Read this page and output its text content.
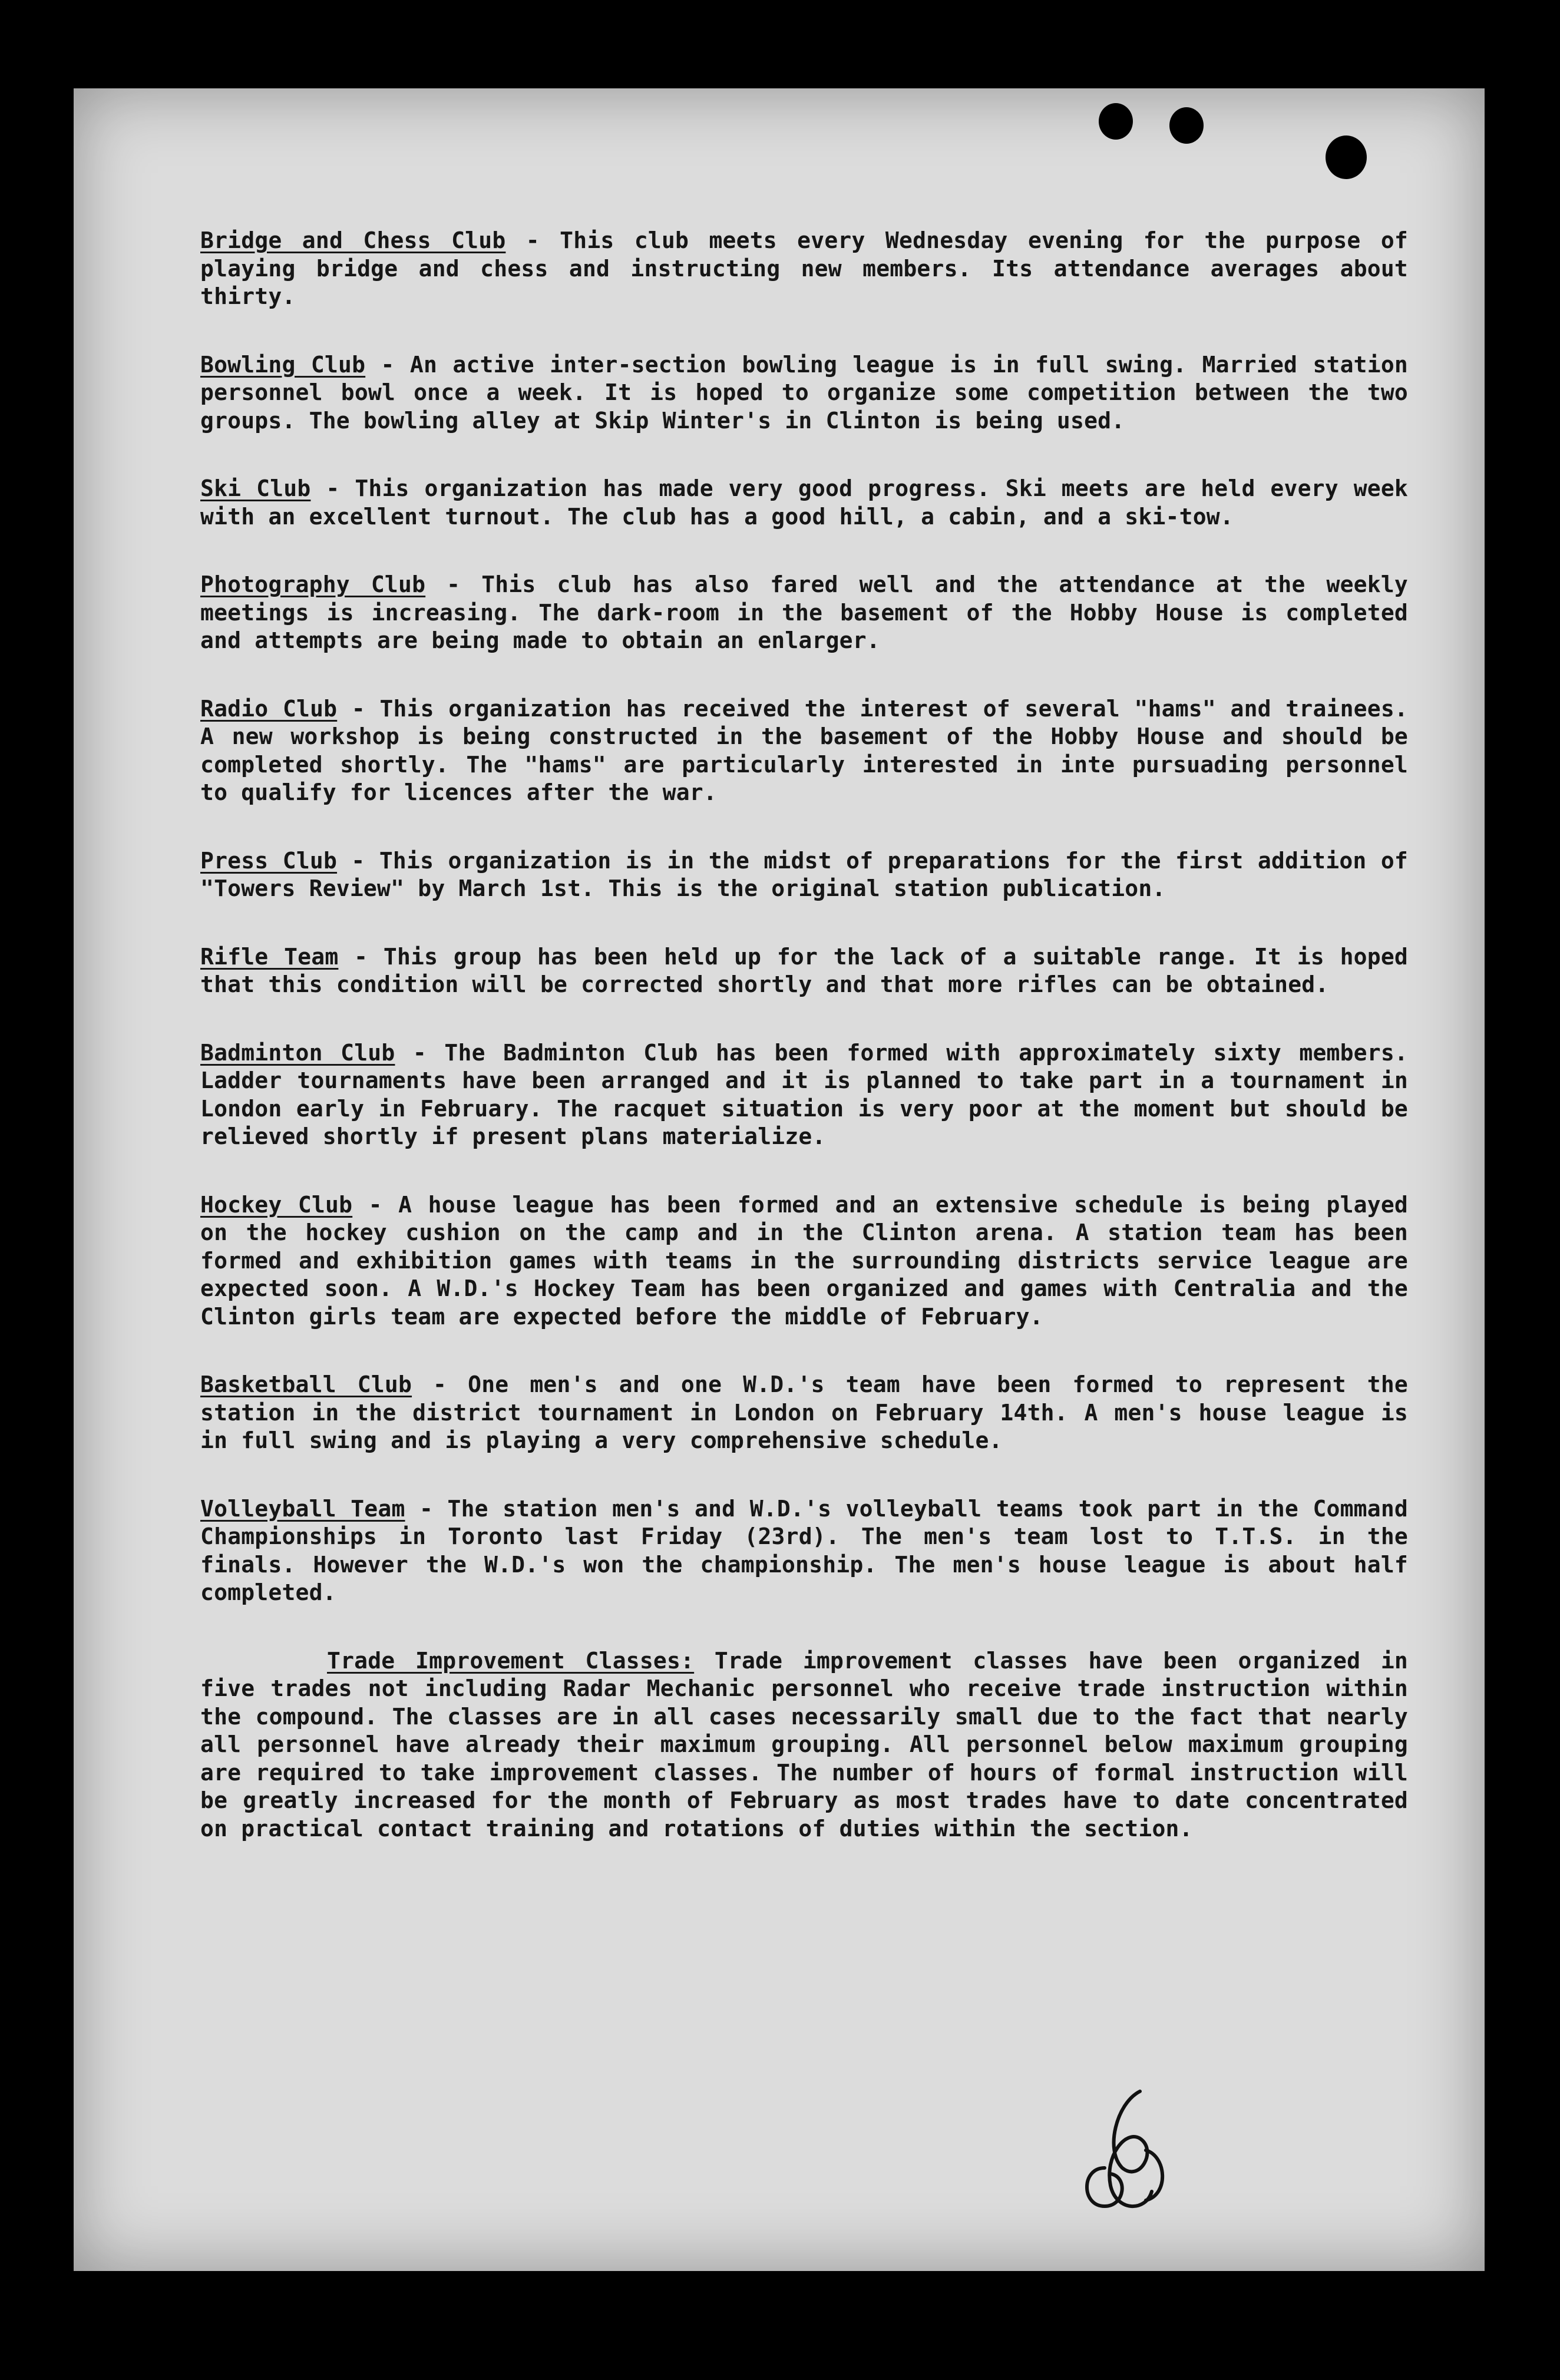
Bridge and Chess Club - This club meets every Wednesday evening for the purpose of playing bridge and chess and instructing new members. Its attendance averages about thirty.

Bowling Club - An active inter-section bowling league is in full swing. Married station personnel bowl once a week. It is hoped to organize some competition between the two groups. The bowling alley at Skip Winter's in Clinton is being used.

Ski Club - This organization has made very good progress. Ski meets are held every week with an excellent turnout. The club has a good hill, a cabin, and a ski-tow.

Photography Club - This club has also fared well and the attendance at the weekly meetings is increasing. The dark-room in the basement of the Hobby House is completed and attempts are being made to obtain an enlarger.

Radio Club - This organization has received the interest of several "hams" and trainees. A new workshop is being constructed in the basement of the Hobby House and should be completed shortly. The "hams" are particularly interested in inte pursuading personnel to qualify for licences after the war.

Press Club - This organization is in the midst of preparations for the first addition of "Towers Review" by March 1st. This is the original station publication.

Rifle Team - This group has been held up for the lack of a suitable range. It is hoped that this condition will be corrected shortly and that more rifles can be obtained.

Badminton Club - The Badminton Club has been formed with approximately sixty members. Ladder tournaments have been arranged and it is planned to take part in a tournament in London early in February. The racquet situation is very poor at the moment but should be relieved shortly if present plans materialize.

Hockey Club - A house league has been formed and an extensive schedule is being played on the hockey cushion on the camp and in the Clinton arena. A station team has been formed and exhibition games with teams in the surrounding districts service league are expected soon. A W.D.'s Hockey Team has been organized and games with Centralia and the Clinton girls team are expected before the middle of February.

Basketball Club - One men's and one W.D.'s team have been formed to represent the station in the district tournament in London on February 14th. A men's house league is in full swing and is playing a very comprehensive schedule.

Volleyball Team - The station men's and W.D.'s volleyball teams took part in the Command Championships in Toronto last Friday (23rd). The men's team lost to T.T.S. in the finals. However the W.D.'s won the championship. The men's house league is about half completed.

Trade Improvement Classes: Trade improvement classes have been organized in five trades not including Radar Mechanic personnel who receive trade instruction within the compound. The classes are in all cases necessarily small due to the fact that nearly all personnel have already their maximum grouping. All personnel below maximum grouping are required to take improvement classes. The number of hours of formal instruction will be greatly increased for the month of February as most trades have to date concentrated on practical contact training and rotations of duties within the section.
